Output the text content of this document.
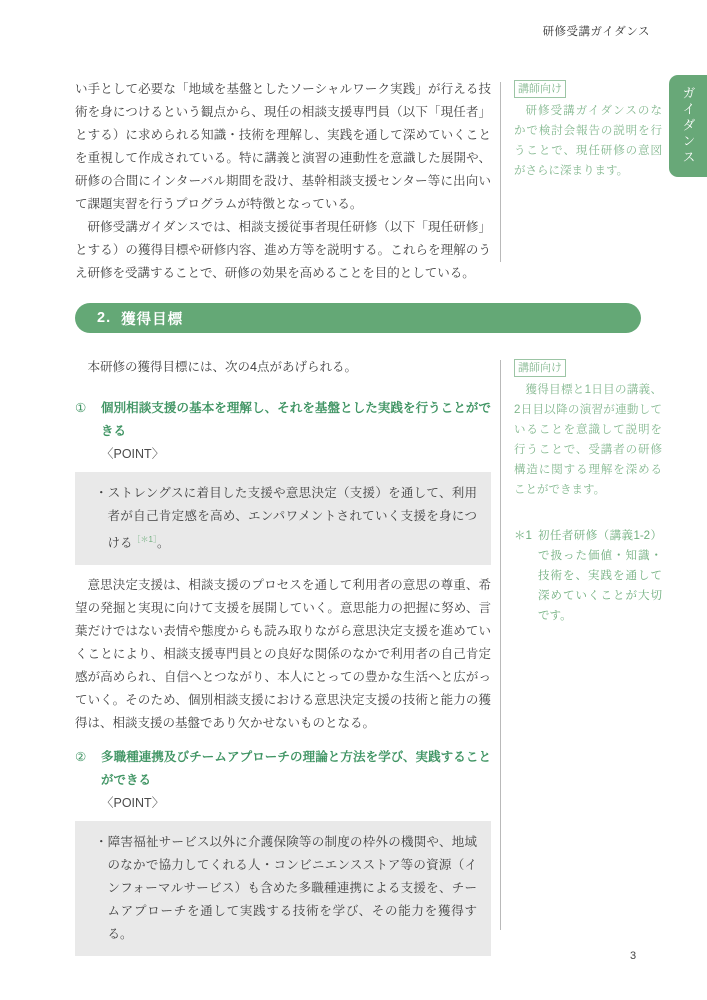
研修受講ガイダンス
ガイダンス

い手として必要な「地域を基盤としたソーシャルワーク実践」が行える技術を身につけるという観点から、現任の相談支援専門員（以下「現任者」とする）に求められる知識・技術を理解し、実践を通して深めていくことを重視して作成されている。特に講義と演習の連動性を意識した展開や、研修の合間にインターバル期間を設け、基幹相談支援センター等に出向いて課題実習を行うプログラムが特徴となっている。

研修受講ガイダンスでは、相談支援従事者現任研修（以下「現任研修」とする）の獲得目標や研修内容、進め方等を説明する。これらを理解のうえ研修を受講することで、研修の効果を高めることを目的としている。

講師向け

研修受講ガイダンスのなかで検討会報告の説明を行うことで、現任研修の意図がさらに深まります。

2. 獲得目標

本研修の獲得目標には、次の4点があげられる。

① 個別相談支援の基本を理解し、それを基盤とした実践を行うことができる

〈POINT〉

・ストレングスに着目した支援や意思決定（支援）を通して、利用者が自己肯定感を高め、エンパワメントされていく支援を身につける$^{[*1]}$。

意思決定支援は、相談支援のプロセスを通して利用者の意思の尊重、希望の発掘と実現に向けて支援を展開していく。意思能力の把握に努め、言葉だけではない表情や態度からも読み取りながら意思決定支援を進めていくことにより、相談支援専門員との良好な関係のなかで利用者の自己肯定感が高められ、自信へとつながり、本人にとっての豊かな生活へと広がっていく。そのため、個別相談支援における意思決定支援の技術と能力の獲得は、相談支援の基盤であり欠かせないものとなる。

② 多職種連携及びチームアプローチの理論と方法を学び、実践することができる

〈POINT〉

・障害福祉サービス以外に介護保険等の制度の枠外の機関や、地域のなかで協力してくれる人・コンビニエンスストア等の資源（インフォーマルサービス）も含めた多職種連携による支援を、チームアプローチを通して実践する技術を学び、その能力を獲得する。

講師向け

獲得目標と1日目の講義、2日目以降の演習が連動していることを意識して説明を行うことで、受講者の研修構造に関する理解を深めることができます。

＊1 初任者研修（講義1-2）で扱った価値・知識・技術を、実践を通して深めていくことが大切です。

3
